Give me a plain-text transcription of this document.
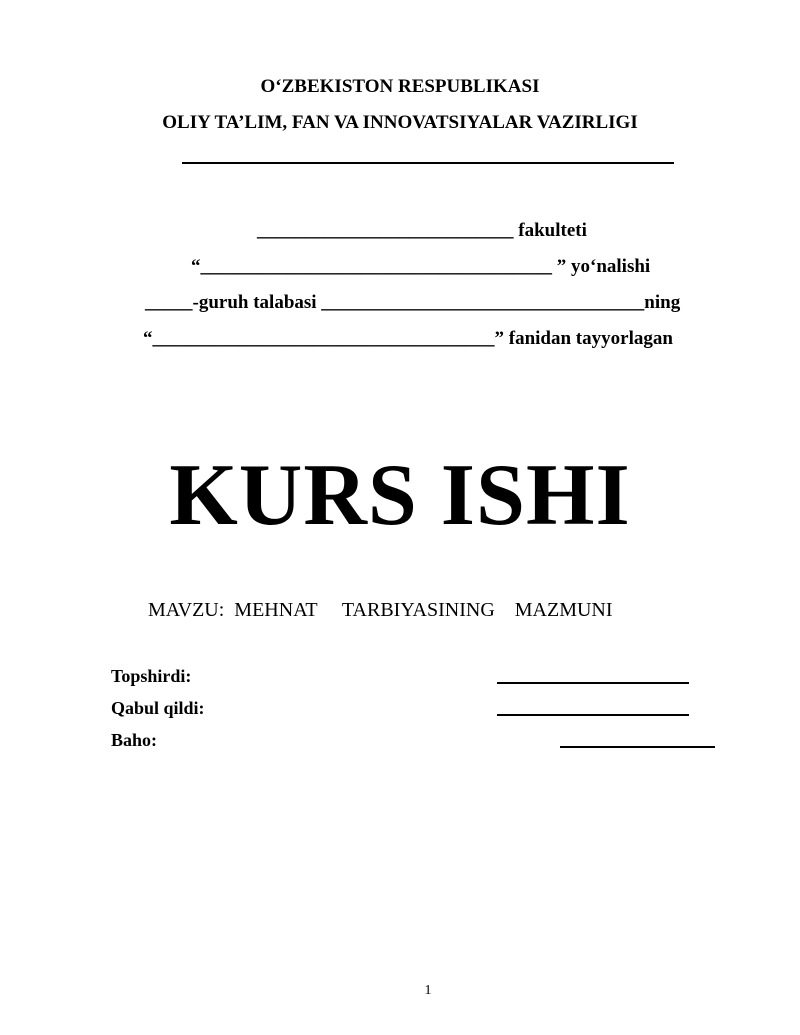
O‘ZBEKISTON RESPUBLIKASI
OLIY TA’LIM, FAN VA INNOVATSIYALAR VAZIRLIGI
___________________________ fakulteti
“_____________________________________ ” yo‘nalishi
_____-guruh talabasi __________________________________ning
“____________________________________” fanidan tayyorlagan
KURS ISHI
MAVZU:  MEHNAT     TARBIYASINING    MAZMUNI
Topshirdi:
Qabul qildi:
Baho:
1
